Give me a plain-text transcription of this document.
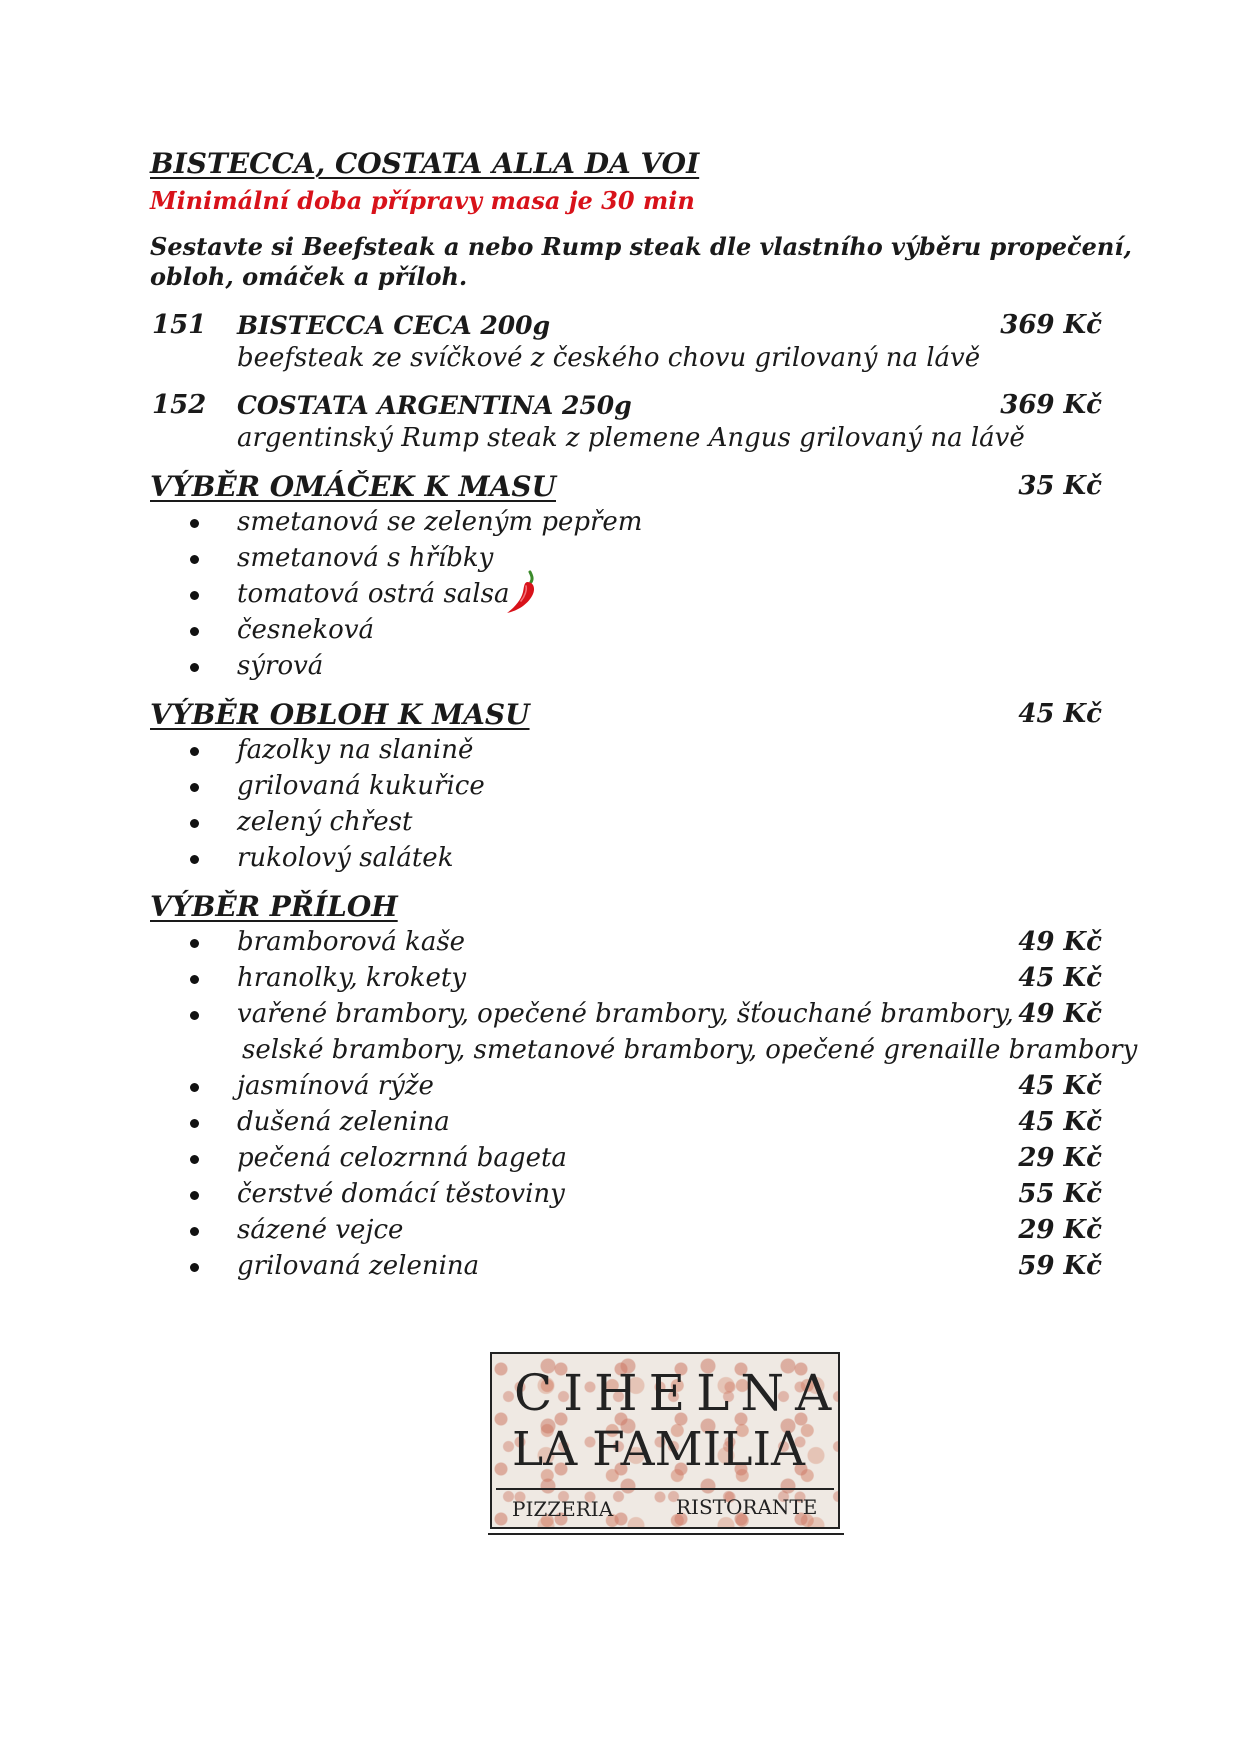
BISTECCA, COSTATA ALLA DA VOI
Minimální doba přípravy masa je 30 min
Sestavte si Beefsteak a nebo Rump steak dle vlastního výběru propečení,
obloh, omáček a příloh.
151 BISTECCA CECA 200g	369 Kč
beefsteak ze svíčkové z českého chovu grilovaný na lávě
152 COSTATA ARGENTINA 250g	369 Kč
argentinský Rump steak z plemene Angus grilovaný na lávě
VÝBĚR OMÁČEK K MASU	35 Kč
smetanová se zeleným pepřem
smetanová s hříbky
tomatová ostrá salsa
česneková
sýrová
VÝBĚR OBLOH K MASU	45 Kč
fazolky na slanině
grilovaná kukuřice
zelený chřest
rukolový salátek
VÝBĚR PŘÍLOH
bramborová kaše	49 Kč
hranolky, krokety	45 Kč
vařené brambory, opečené brambory, šťouchané brambory, 49 Kč
selské brambory, smetanové brambory, opečené grenaille brambory
jasmínová rýže	45 Kč
dušená zelenina	45 Kč
pečená celozrnná bageta	29 Kč
čerstvé domácí těstoviny	55 Kč
sázené vejce	29 Kč
grilovaná zelenina	59 Kč
CIHELNA
LA FAMILIA
PIZZERIA	RISTORANTE
